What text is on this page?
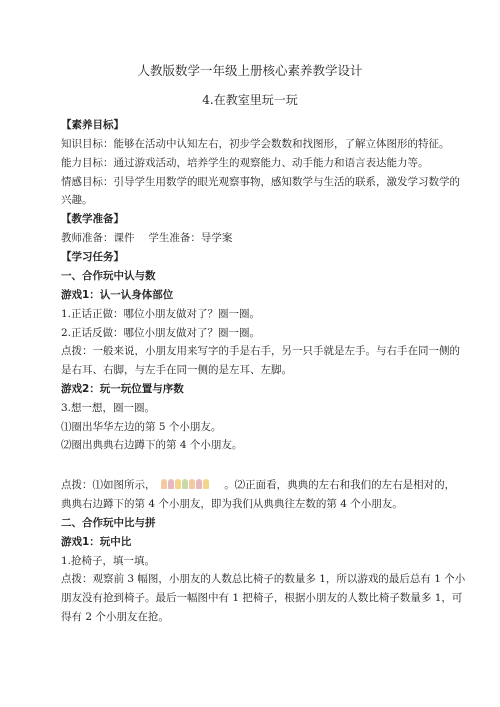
人教版数学一年级上册核心素养教学设计
4.在教室里玩一玩
【素养目标】
知识目标：能够在活动中认知左右，初步学会数数和找图形，了解立体图形的特征。
能力目标：通过游戏活动，培养学生的观察能力、动手能力和语言表达能力等。
情感目标：引导学生用数学的眼光观察事物，感知数学与生活的联系，激发学习数学的
兴趣。
【教学准备】
教师准备：课件　 学生准备：导学案
【学习任务】
一、合作玩中认与数
游戏1：认一认身体部位
1.正话正做：哪位小朋友做对了？圈一圈。
2.正话反做：哪位小朋友做对了？圈一圈。
点拨：一般来说，小朋友用来写字的手是右手，另一只手就是左手。与右手在同一侧的
是右耳、右脚，与左手在同一侧的是左耳、左脚。
游戏2：玩一玩位置与序数
3.想一想，圈一圈。
⑴圈出华华左边的第 5 个小朋友。
⑵圈出典典右边蹲下的第 4 个小朋友。
点拨：⑴如图所示，	。⑵正面看，典典的左右和我们的左右是相对的，
典典右边蹲下的第 4 个小朋友，即为我们从典典往左数的第 4 个小朋友。
二、合作玩中比与拼
游戏1：玩中比
1.抢椅子，填一填。
点拨：观察前 3 幅图，小朋友的人数总比椅子的数量多 1，所以游戏的最后总有 1 个小
朋友没有抢到椅子。最后一幅图中有 1 把椅子，根据小朋友的人数比椅子数量多 1，可
得有 2 个小朋友在抢。
